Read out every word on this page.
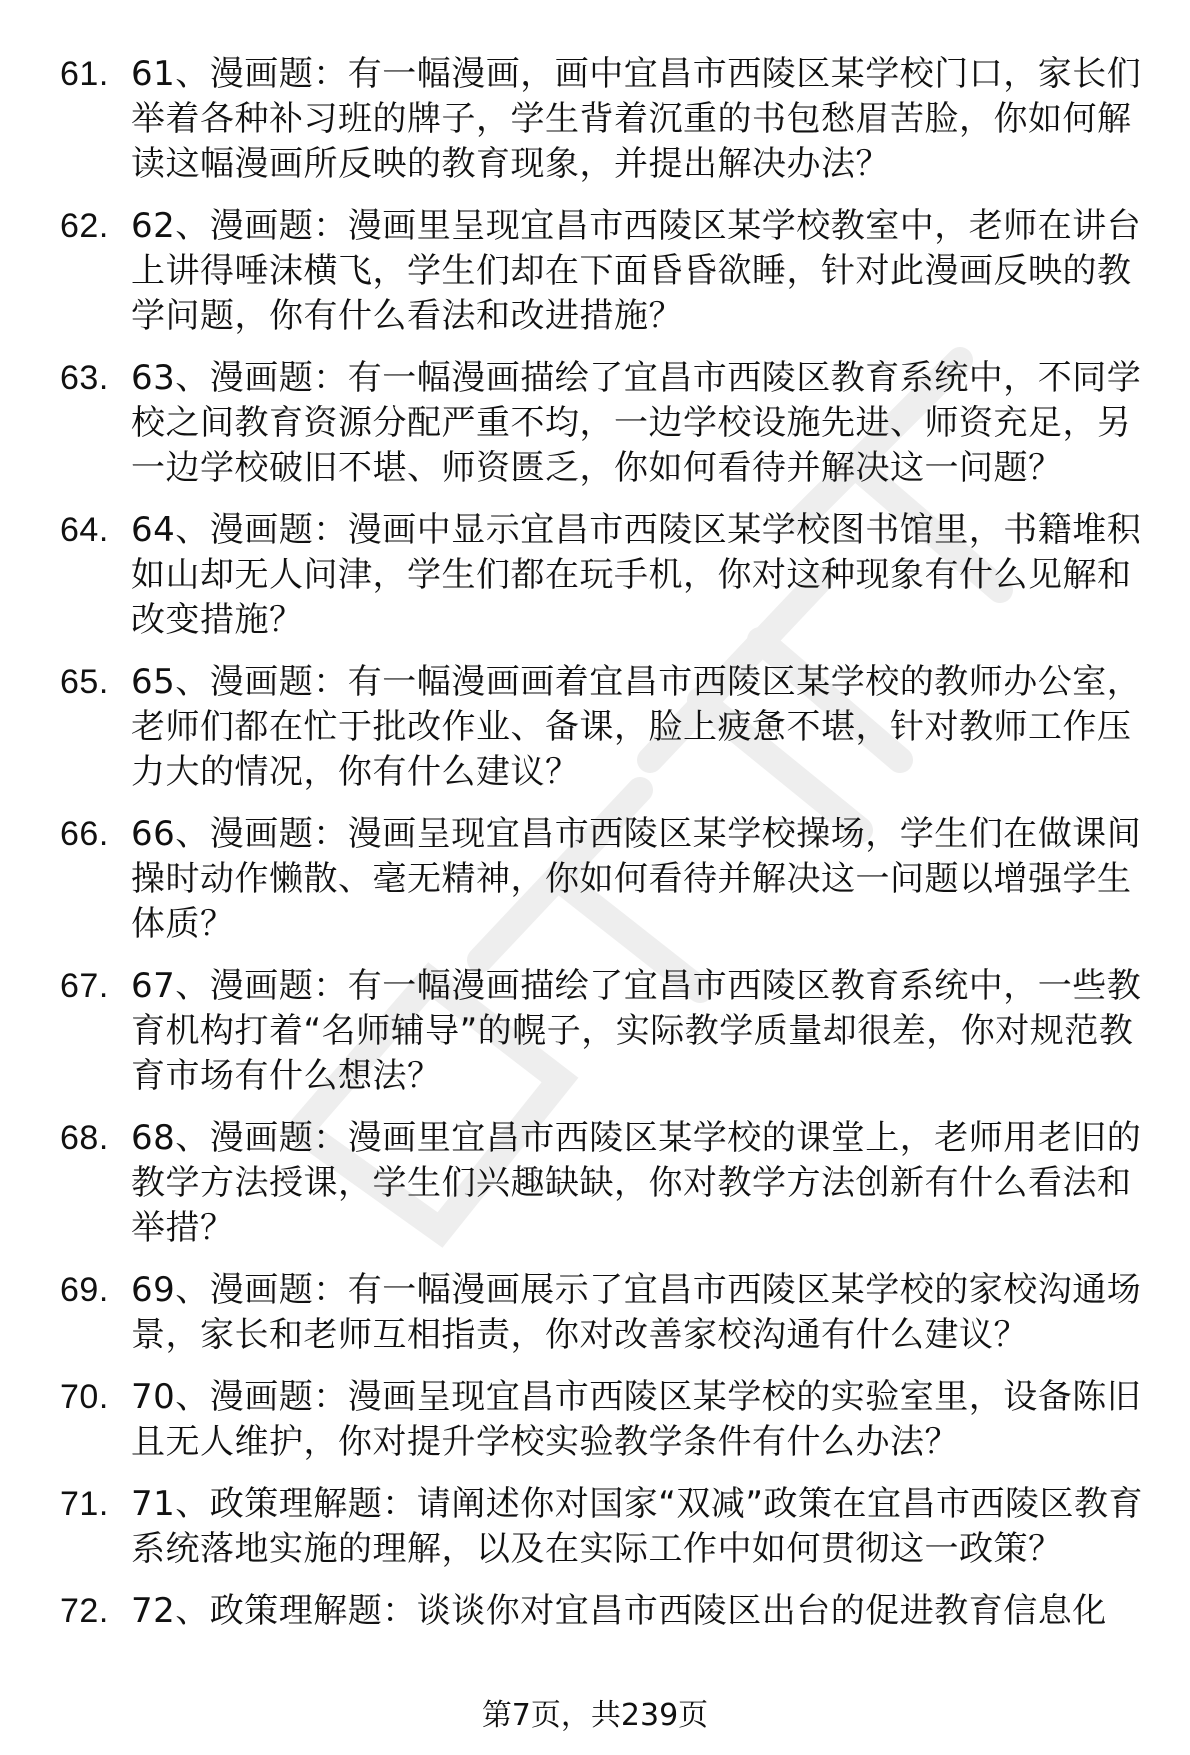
61. 61、漫画题：有一幅漫画，画中宜昌市西陵区某学校门口，家长们举着各种补习班的牌子，学生背着沉重的书包愁眉苦脸，你如何解读这幅漫画所反映的教育现象，并提出解决办法？
62. 62、漫画题：漫画里呈现宜昌市西陵区某学校教室中，老师在讲台上讲得唾沫横飞，学生们却在下面昏昏欲睡，针对此漫画反映的教学问题，你有什么看法和改进措施？
63. 63、漫画题：有一幅漫画描绘了宜昌市西陵区教育系统中，不同学校之间教育资源分配严重不均，一边学校设施先进、师资充足，另一边学校破旧不堪、师资匮乏，你如何看待并解决这一问题？
64. 64、漫画题：漫画中显示宜昌市西陵区某学校图书馆里，书籍堆积如山却无人问津，学生们都在玩手机，你对这种现象有什么见解和改变措施？
65. 65、漫画题：有一幅漫画画着宜昌市西陵区某学校的教师办公室，老师们都在忙于批改作业、备课，脸上疲惫不堪，针对教师工作压力大的情况，你有什么建议？
66. 66、漫画题：漫画呈现宜昌市西陵区某学校操场，学生们在做课间操时动作懒散、毫无精神，你如何看待并解决这一问题以增强学生体质？
67. 67、漫画题：有一幅漫画描绘了宜昌市西陵区教育系统中，一些教育机构打着“名师辅导”的幌子，实际教学质量却很差，你对规范教育市场有什么想法？
68. 68、漫画题：漫画里宜昌市西陵区某学校的课堂上，老师用老旧的教学方法授课，学生们兴趣缺缺，你对教学方法创新有什么看法和举措？
69. 69、漫画题：有一幅漫画展示了宜昌市西陵区某学校的家校沟通场景，家长和老师互相指责，你对改善家校沟通有什么建议？
70. 70、漫画题：漫画呈现宜昌市西陵区某学校的实验室里，设备陈旧且无人维护，你对提升学校实验教学条件有什么办法？
71. 71、政策理解题：请阐述你对国家“双减”政策在宜昌市西陵区教育系统落地实施的理解，以及在实际工作中如何贯彻这一政策？
72. 72、政策理解题：谈谈你对宜昌市西陵区出台的促进教育信息化
第7页，共239页
